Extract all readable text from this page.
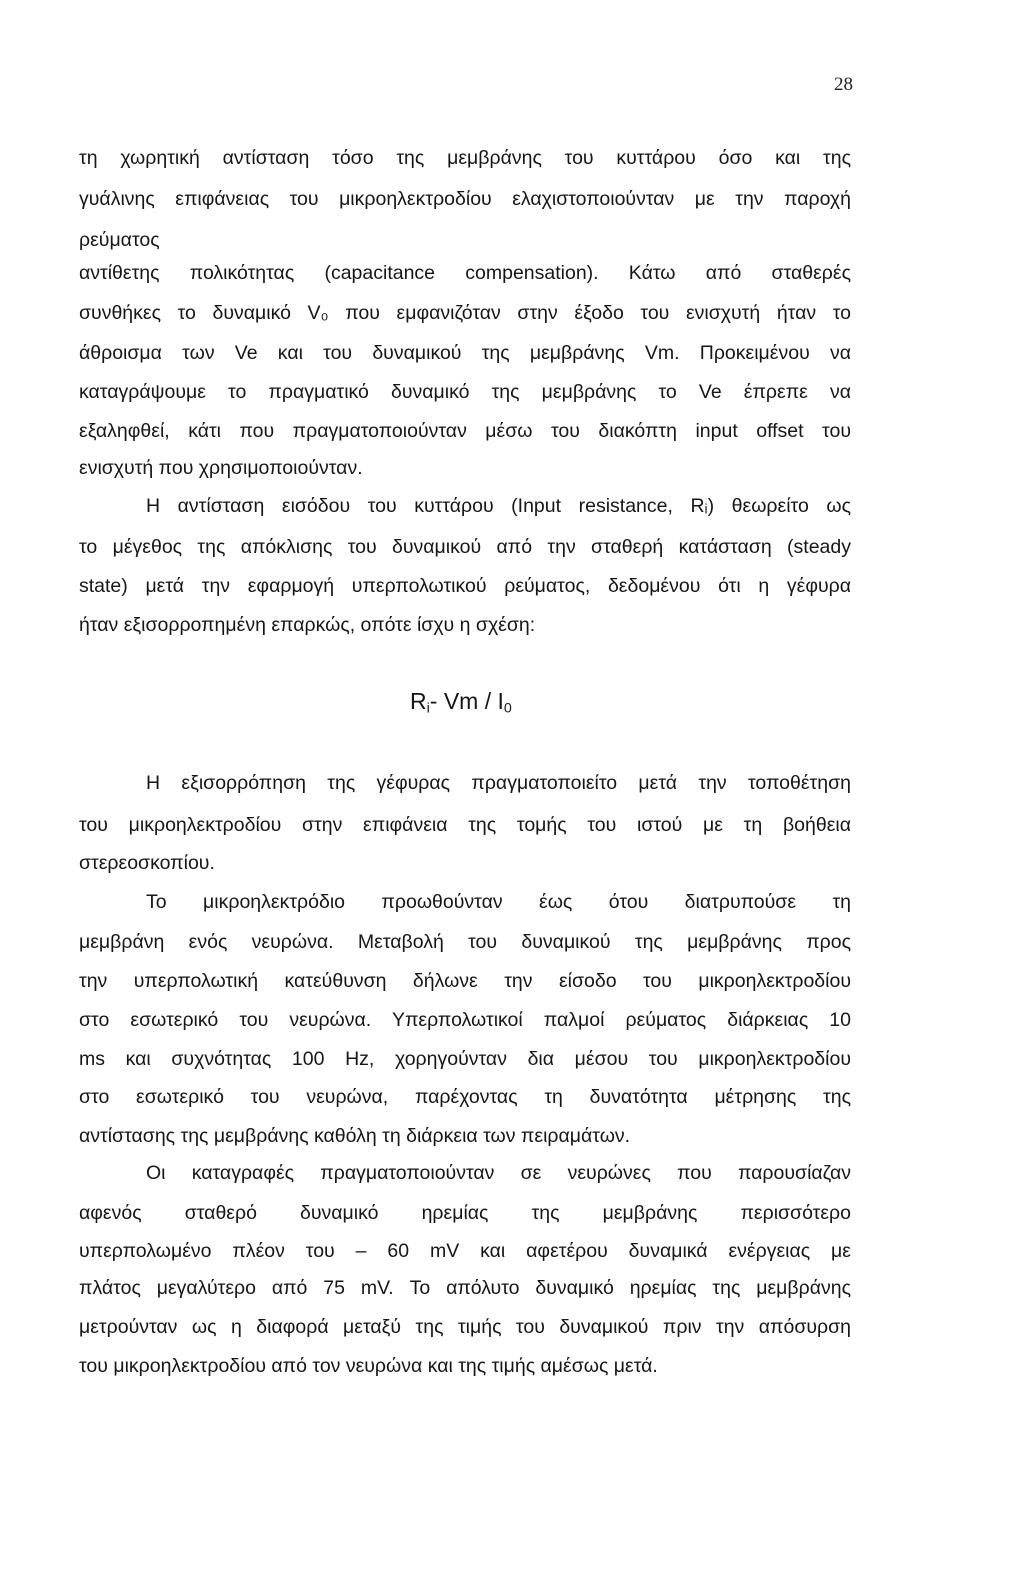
28
τη χωρητική αντίσταση τόσο της μεμβράνης του κυττάρου όσο και της
γυάλινης επιφάνειας του μικροηλεκτροδίου ελαχιστοποιούνταν με την παροχή
ρεύματος
αντίθετης πολικότητας (capacitance compensation). Κάτω από σταθερές
συνθήκες το δυναμικό V₀ που εμφανιζόταν στην έξοδο του ενισχυτή ήταν το
άθροισμα των Ve και του δυναμικού της μεμβράνης Vm. Προκειμένου να
καταγράψουμε το πραγματικό δυναμικό της μεμβράνης το Ve έπρεπε να
εξαληφθεί, κάτι που πραγματοποιούνταν μέσω του διακόπτη input offset του
ενισχυτή που χρησιμοποιούνταν.
Η αντίσταση εισόδου του κυττάρου (Input resistance, Rᵢ) θεωρείτο ως
το μέγεθος της απόκλισης του δυναμικού από την σταθερή κατάσταση (steady
state) μετά την εφαρμογή υπερπολωτικού ρεύματος, δεδομένου ότι η γέφυρα
ήταν εξισορροπημένη επαρκώς, οπότε ίσχυ η σχέση:
$R_i-$ Vm / $I_0$
Η εξισορρόπηση της γέφυρας πραγματοποιείτο μετά την τοποθέτηση
του μικροηλεκτροδίου στην επιφάνεια της τομής του ιστού με τη βοήθεια
στερεοσκοπίου.
Το μικροηλεκτρόδιο προωθούνταν έως ότου διατρυπούσε τη
μεμβράνη ενός νευρώνα. Μεταβολή του δυναμικού της μεμβράνης προς
την υπερπολωτική κατεύθυνση δήλωνε την είσοδο του μικροηλεκτροδίου
στο εσωτερικό του νευρώνα. Υπερπολωτικοί παλμοί ρεύματος διάρκειας 10
ms και συχνότητας 100 Hz, χορηγούνταν δια μέσου του μικροηλεκτροδίου
στο εσωτερικό του νευρώνα, παρέχοντας τη δυνατότητα μέτρησης της
αντίστασης της μεμβράνης καθόλη τη διάρκεια των πειραμάτων.
Οι καταγραφές πραγματοποιούνταν σε νευρώνες που παρουσίαζαν
αφενός σταθερό δυναμικό ηρεμίας της μεμβράνης περισσότερο
υπερπολωμένο πλέον του – 60 mV και αφετέρου δυναμικά ενέργειας με
πλάτος μεγαλύτερο από 75 mV. Το απόλυτο δυναμικό ηρεμίας της μεμβράνης
μετρούνταν ως η διαφορά μεταξύ της τιμής του δυναμικού πριν την απόσυρση
του μικροηλεκτροδίου από τον νευρώνα και της τιμής αμέσως μετά.
